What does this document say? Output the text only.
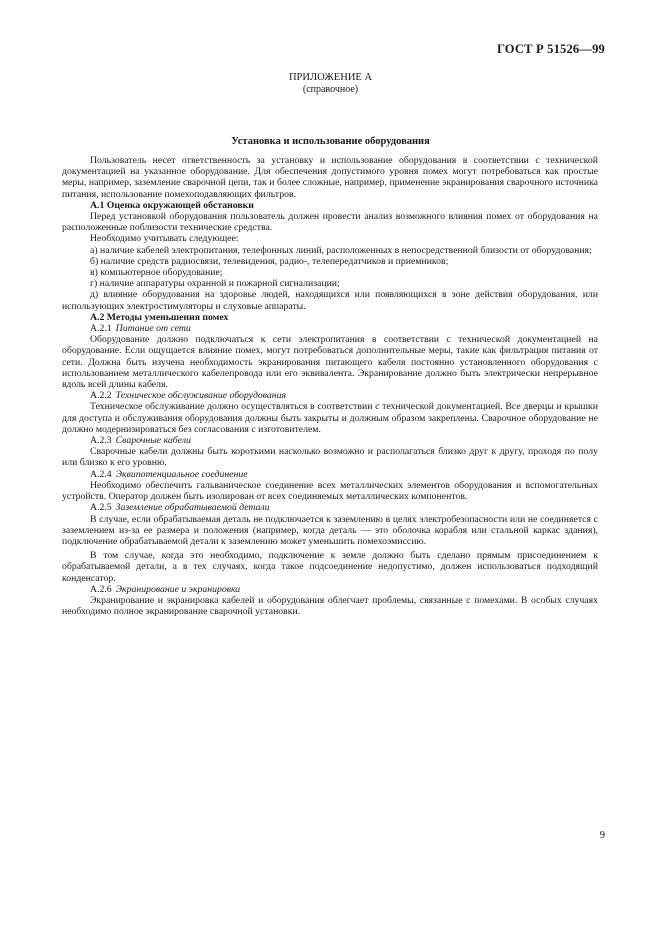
ГОСТ Р 51526—99
ПРИЛОЖЕНИЕ А
(справочное)
Установка и использование оборудования

Пользователь несет ответственность за установку и использование оборудования в соответствии с технической документацией на указанное оборудование. Для обеспечения допустимого уровня помех могут потребоваться как простые меры, например, заземление сварочной цепи, так и более сложные, например, применение экранирования сварочного источника питания, использование помехоподавляющих фильтров.

А.1 Оценка окружающей обстановки

Перед установкой оборудования пользователь должен провести анализ возможного влияния помех от оборудования на расположенные поблизости технические средства.

Необходимо учитывать следующее:

а) наличие кабелей электропитания, телефонных линий, расположенных в непосредственной близости от оборудования;

б) наличие средств радиосвязи, телевидения, радио-, телепередатчиков и приемников;

в) компьютерное оборудование;

г) наличие аппаратуры охранной и пожарной сигнализации;

д) влияние оборудования на здоровье людей, находящихся или появляющихся в зоне действия оборудования, или использующих электростимуляторы и слуховые аппараты.

А.2 Методы уменьшения помех

А.2.1 Питание от сети

Оборудование должно подключаться к сети электропитания в соответствии с технической документацией на оборудование. Если ощущается влияние помех, могут потребоваться дополнительные меры, такие как фильтрация питания от сети. Должна быть изучена необходимость экранирования питающего кабеля постоянно установленного оборудования с использованием металлического кабелепровода или его эквивалента. Экранирование должно быть электрически непрерывное вдоль всей длины кабеля.

А.2.2 Техническое обслуживание оборудования

Техническое обслуживание должно осуществляться в соответствии с технической документацией. Все дверцы и крышки для доступа и обслуживания оборудования должны быть закрыты и должным образом закреплены. Сварочное оборудование не должно модернизироваться без согласования с изготовителем.

А.2.3 Сварочные кабели

Сварочные кабели должны быть короткими насколько возможно и располагаться близко друг к другу, проходя по полу или близко к его уровню.

А.2.4 Эквипотенциальное соединение

Необходимо обеспечить гальваническое соединение всех металлических элементов оборудования и вспомогательных устройств. Оператор должен быть изолирован от всех соединяемых металлических компонентов.

А.2.5 Заземление обрабатываемой детали

В случае, если обрабатываемая деталь не подключается к заземлению в целях электробезопасности или не соединяется с заземлением из-за ее размера и положения (например, когда деталь — это оболочка корабля или стальной каркас здания), подключение обрабатываемой детали к заземлению может уменьшить помехоэмиссию.

В том случае, когда это необходимо, подключение к земле должно быть сделано прямым присоединением к обрабатываемой детали, а в тех случаях, когда такое подсоединение недопустимо, должен использоваться подходящий конденсатор.

А.2.6 Экранирование и экранировка

Экранирование и экранировка кабелей и оборудования облегчает проблемы, связанные с помехами. В особых случаях необходимо полное экранирование сварочной установки.

9
